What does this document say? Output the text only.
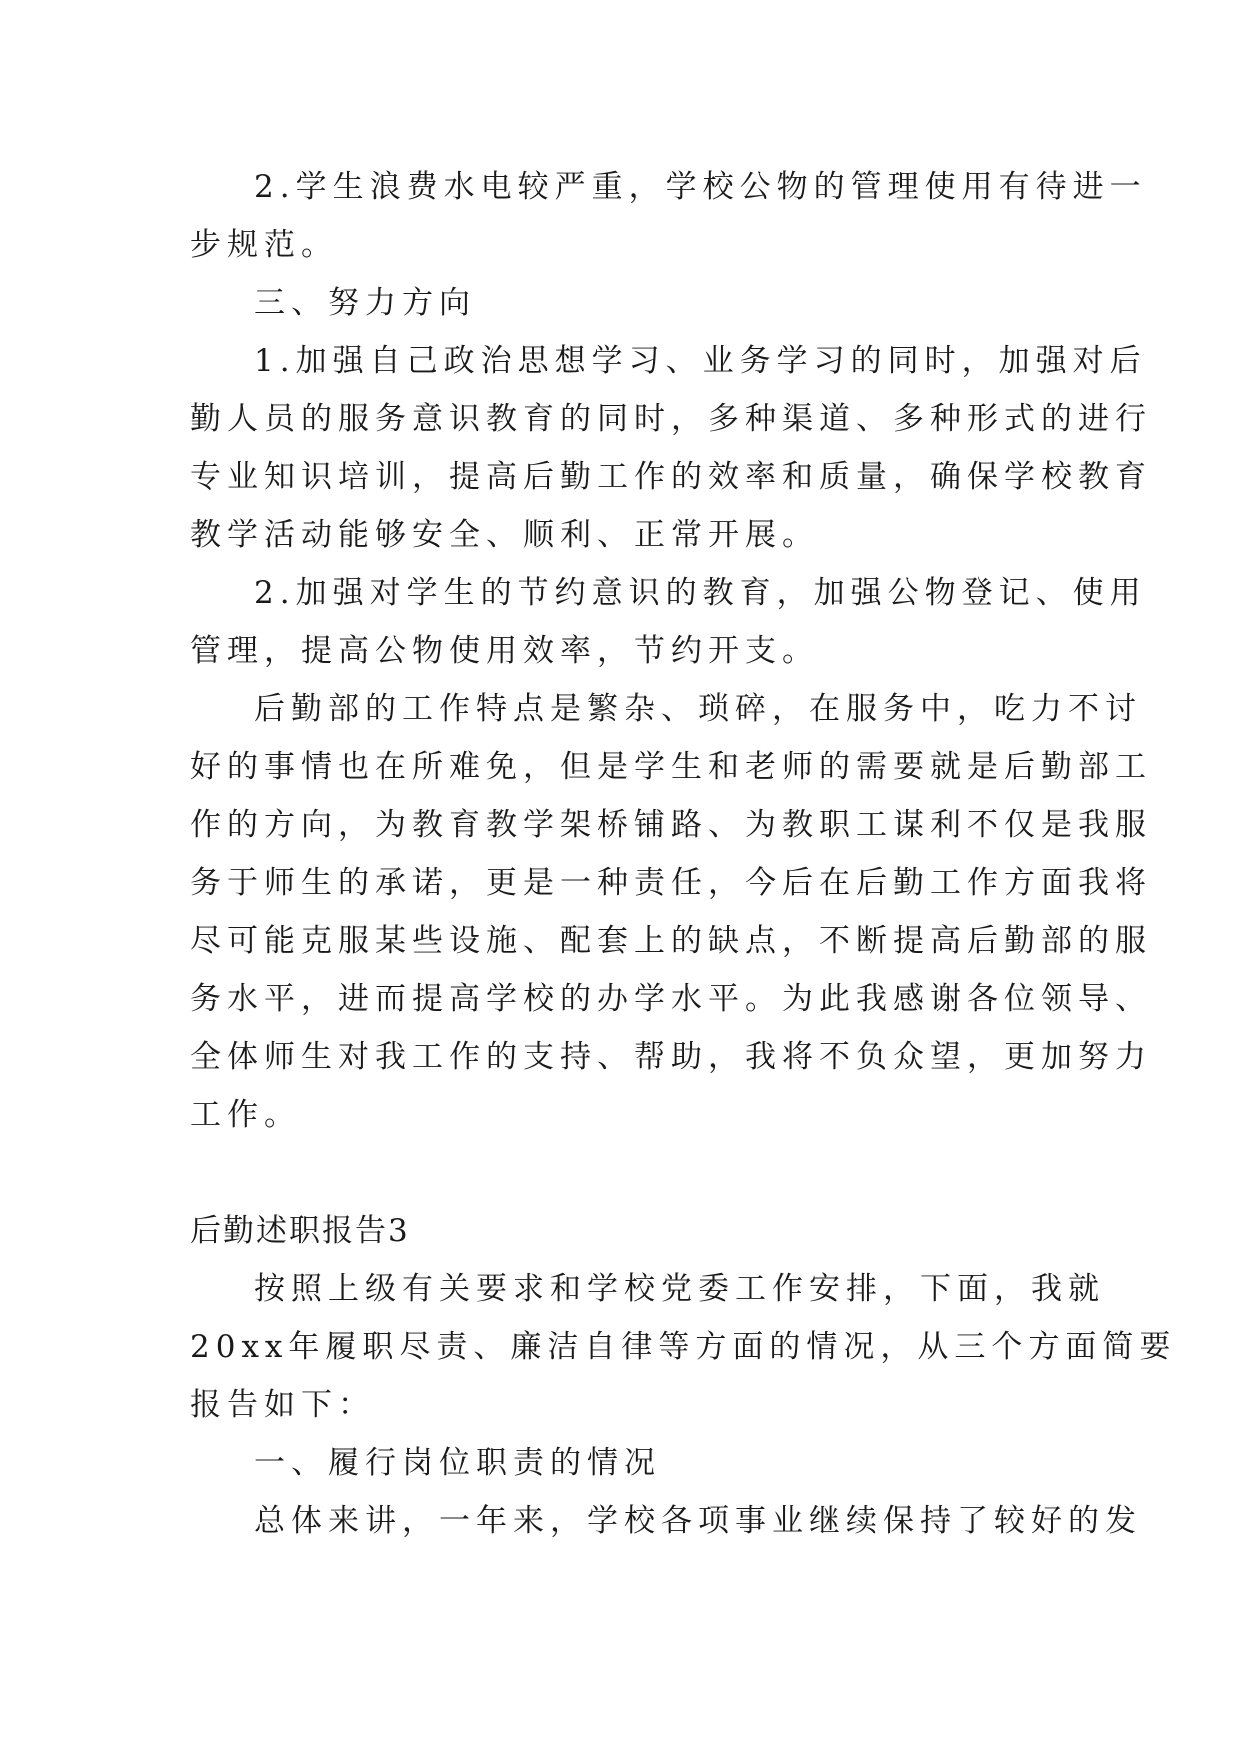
2.学生浪费水电较严重，学校公物的管理使用有待进一
步规范。
三、努力方向
1.加强自己政治思想学习、业务学习的同时，加强对后
勤人员的服务意识教育的同时，多种渠道、多种形式的进行
专业知识培训，提高后勤工作的效率和质量，确保学校教育
教学活动能够安全、顺利、正常开展。
2.加强对学生的节约意识的教育，加强公物登记、使用
管理，提高公物使用效率，节约开支。
后勤部的工作特点是繁杂、琐碎，在服务中，吃力不讨
好的事情也在所难免，但是学生和老师的需要就是后勤部工
作的方向，为教育教学架桥铺路、为教职工谋利不仅是我服
务于师生的承诺，更是一种责任，今后在后勤工作方面我将
尽可能克服某些设施、配套上的缺点，不断提高后勤部的服
务水平，进而提高学校的办学水平。为此我感谢各位领导、
全体师生对我工作的支持、帮助，我将不负众望，更加努力
工作。
后勤述职报告3
按照上级有关要求和学校党委工作安排，下面，我就
20xx年履职尽责、廉洁自律等方面的情况，从三个方面简要
报告如下：
一、履行岗位职责的情况
总体来讲，一年来，学校各项事业继续保持了较好的发
